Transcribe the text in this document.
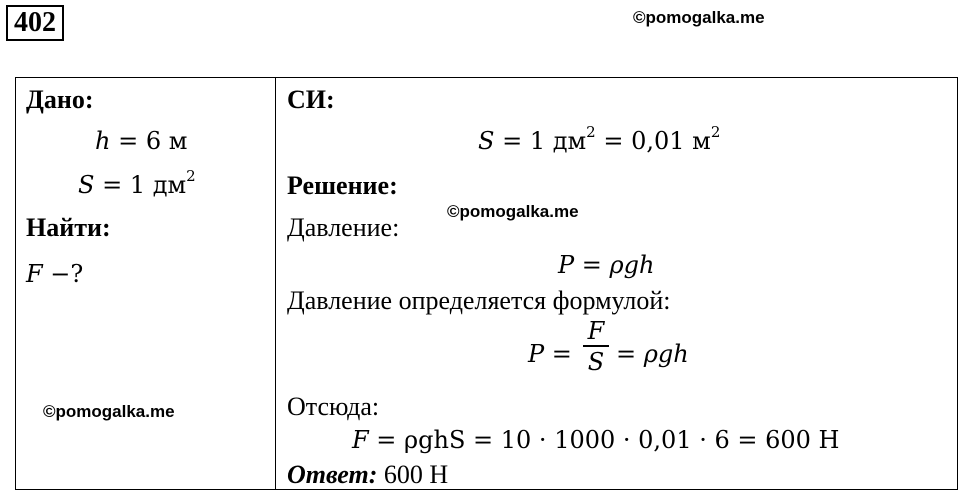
402	©pomogalka.me
Дано:
h = 6 м
S = 1 $дм^2$
Найти:
F −?
©pomogalka.me
СИ:
S = 1 $дм^2 = 0,01$ $м^2$
Решение:
©pomogalka.me
Давление:
P = ρgh
Давление определяется формулой:
P =
F
S = ρgh
Отсюда:
F = ρghS = 10 · 1000 · 0,01 · 6 = 600 Н
Ответ: 600 Н
